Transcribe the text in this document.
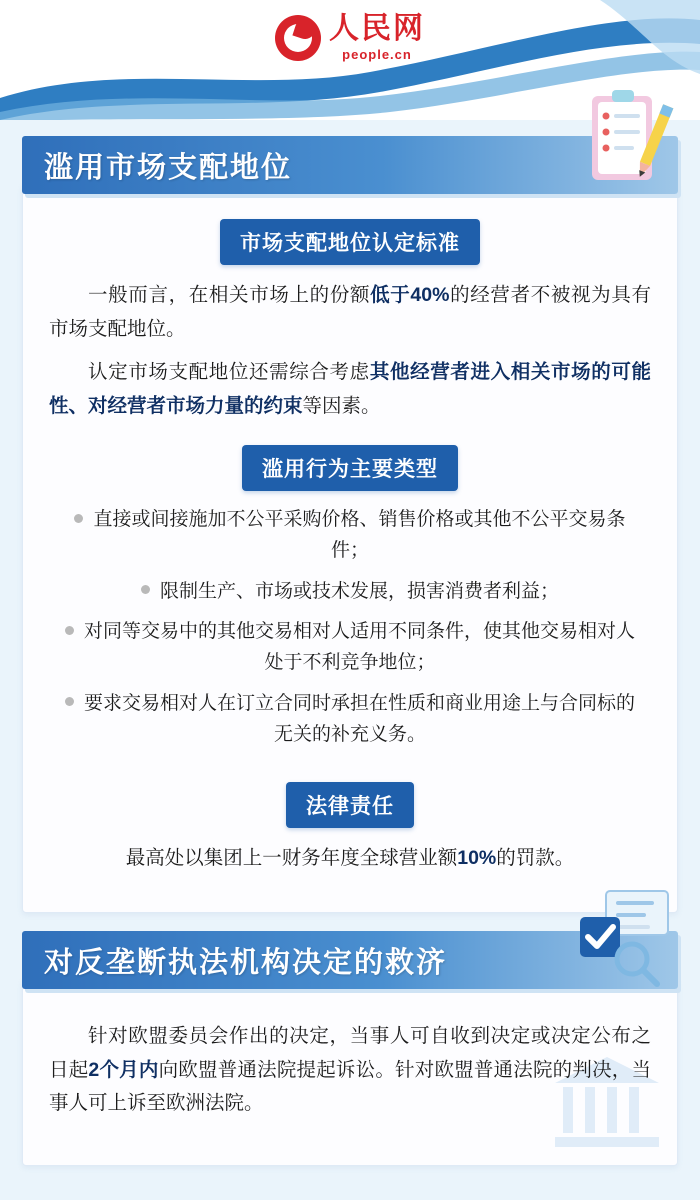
人民网
people.cn
滥用市场支配地位
市场支配地位认定标准

一般而言，在相关市场上的份额低于40%的经营者不被视为具有市场支配地位。

认定市场支配地位还需综合考虑其他经营者进入相关市场的可能性、对经营者市场力量的约束等因素。

滥用行为主要类型
直接或间接施加不公平采购价格、销售价格或其他不公平交易条件；
限制生产、市场或技术发展，损害消费者利益；
对同等交易中的其他交易相对人适用不同条件，使其他交易相对人处于不利竞争地位；
要求交易相对人在订立合同时承担在性质和商业用途上与合同标的无关的补充义务。
法律责任

最高处以集团上一财务年度全球营业额10%的罚款。

对反垄断执法机构决定的救济

针对欧盟委员会作出的决定，当事人可自收到决定或决定公布之日起2个月内向欧盟普通法院提起诉讼。针对欧盟普通法院的判决，当事人可上诉至欧洲法院。
